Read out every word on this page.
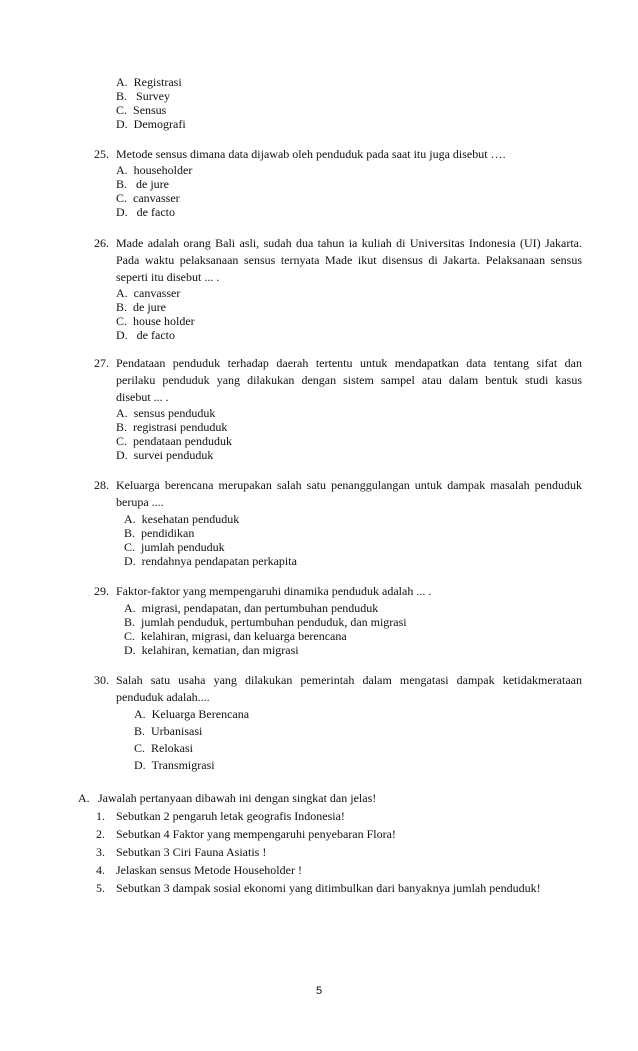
A. Registrasi
B. Survey
C. Sensus
D. Demografi
25. Metode sensus dimana data dijawab oleh penduduk pada saat itu juga disebut ….
A. householder
B. de jure
C. canvasser
D. de facto
26. Made adalah orang Bali asli, sudah dua tahun ia kuliah di Universitas Indonesia (UI) Jakarta.
Pada waktu pelaksanaan sensus ternyata Made ikut disensus di Jakarta. Pelaksanaan sensus
seperti itu disebut ... .
A. canvasser
B. de jure
C. house holder
D. de facto
27. Pendataan penduduk terhadap daerah tertentu untuk mendapatkan data tentang sifat dan
perilaku penduduk yang dilakukan dengan sistem sampel atau dalam bentuk studi kasus
disebut ... .
A. sensus penduduk
B. registrasi penduduk
C. pendataan penduduk
D. survei penduduk
28. Keluarga berencana merupakan salah satu penanggulangan untuk dampak masalah penduduk
berupa ....
A. kesehatan penduduk
B. pendidikan
C. jumlah penduduk
D. rendahnya pendapatan perkapita
29. Faktor-faktor yang mempengaruhi dinamika penduduk adalah ... .
A. migrasi, pendapatan, dan pertumbuhan penduduk
B. jumlah penduduk, pertumbuhan penduduk, dan migrasi
C. kelahiran, migrasi, dan keluarga berencana
D. kelahiran, kematian, dan migrasi
30. Salah satu usaha yang dilakukan pemerintah dalam mengatasi dampak ketidakmerataan
penduduk adalah....
A. Keluarga Berencana
B. Urbanisasi
C. Relokasi
D. Transmigrasi
A. Jawalah pertanyaan dibawah ini dengan singkat dan jelas!
1. Sebutkan 2 pengaruh letak geografis Indonesia!
2. Sebutkan 4 Faktor yang mempengaruhi penyebaran Flora!
3. Sebutkan 3 Ciri Fauna Asiatis !
4. Jelaskan sensus Metode Householder !
5. Sebutkan 3 dampak sosial ekonomi yang ditimbulkan dari banyaknya jumlah penduduk!
5
